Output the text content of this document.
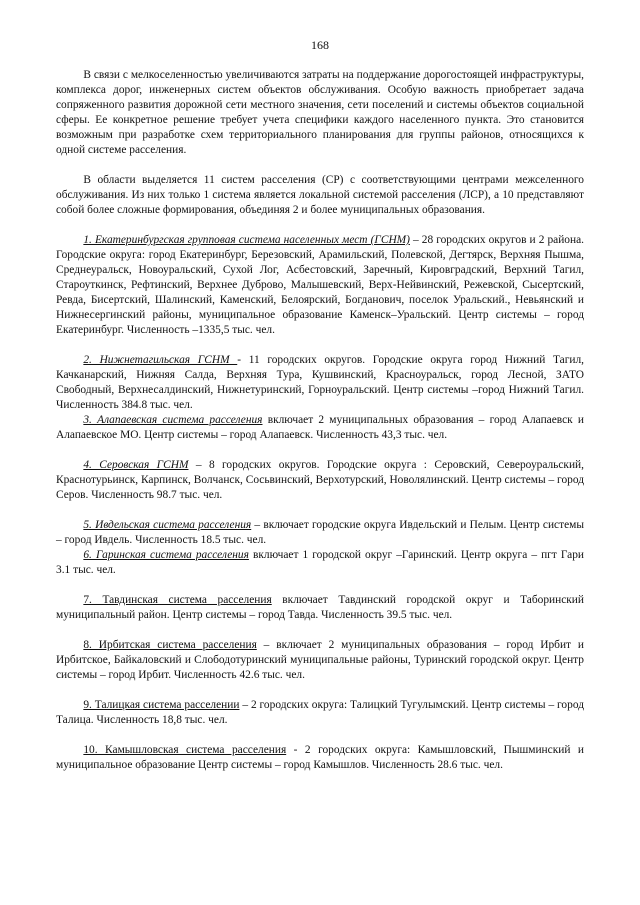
168

В связи с мелкоселенностью увеличиваются затраты на поддержание дорогостоящей инфраструктуры, комплекса дорог, инженерных систем объектов обслуживания. Особую важность приобретает задача сопряженного развития дорожной сети местного значения, сети поселений и системы объектов социальной сферы. Ее конкретное решение требует учета специфики каждого населенного пункта. Это становится возможным при разработке схем территориального планирования для группы районов, относящихся к одной системе расселения.

В области выделяется 11 систем расселения (СР) с соответствующими центрами межселенного обслуживания. Из них только 1 система является локальной системой расселения (ЛСР), а 10 представляют собой более сложные формирования, объединяя 2 и более муниципальных образования.

1. Екатеринбургская групповая система населенных мест (ГСНМ) – 28 городских округов и 2 района. Городские округа: город Екатеринбург, Березовский, Арамильский, Полевской, Дегтярск, Верхняя Пышма, Среднеуральск, Новоуральский, Сухой Лог, Асбестовский, Заречный, Кировградский, Верхний Тагил, Староуткинск, Рефтинский, Верхнее Дуброво, Малышевский, Верх-Нейвинский, Режевской, Сысертский, Ревда, Бисертский, Шалинский, Каменский, Белоярский, Богданович, поселок Уральский., Невьянский и Нижнесергинский районы, муниципальное образование Каменск–Уральский. Центр системы – город Екатеринбург. Численность –1335,5 тыс. чел.

2. Нижнетагильская ГСНМ - 11 городских округов. Городские округа город Нижний Тагил, Качканарский, Нижняя Салда, Верхняя Тура, Кушвинский, Красноуральск, город Лесной, ЗАТО Свободный, Верхнесалдинский, Нижнетуринский, Горноуральский. Центр системы –город Нижний Тагил. Численность 384.8 тыс. чел.

3. Алапаевская система расселения включает 2 муниципальных образования – город Алапаевск и Алапаевское МО. Центр системы – город Алапаевск. Численность 43,3 тыс. чел.

4. Серовская ГСНМ – 8 городских округов. Городские округа : Серовский, Североуральский, Краснотурьинск, Карпинск, Волчанск, Сосьвинский, Верхотурский, Новолялинский. Центр системы – город Серов. Численность 98.7 тыс. чел.

5. Ивдельская система расселения – включает городские округа Ивдельский и Пелым. Центр системы – город Ивдель. Численность 18.5 тыс. чел.

6. Гаринская система расселения включает 1 городской округ –Гаринский. Центр округа – пгт Гари 3.1 тыс. чел.

7. Тавдинская система расселения включает Тавдинский городской округ и Таборинский муниципальный район. Центр системы – город Тавда. Численность 39.5 тыс. чел.

8. Ирбитская система расселения – включает 2 муниципальных образования – город Ирбит и Ирбитское, Байкаловский и Слободотуринский муниципальные районы, Туринский городской округ. Центр системы – город Ирбит. Численность 42.6 тыс. чел.

9. Талицкая система расселении – 2 городских округа: Талицкий Тугулымский. Центр системы – город Талица. Численность 18,8 тыс. чел.

10. Камышловская система расселения - 2 городских округа: Камышловский, Пышминский и муниципальное образование Центр системы – город Камышлов. Численность 28.6 тыс. чел.
